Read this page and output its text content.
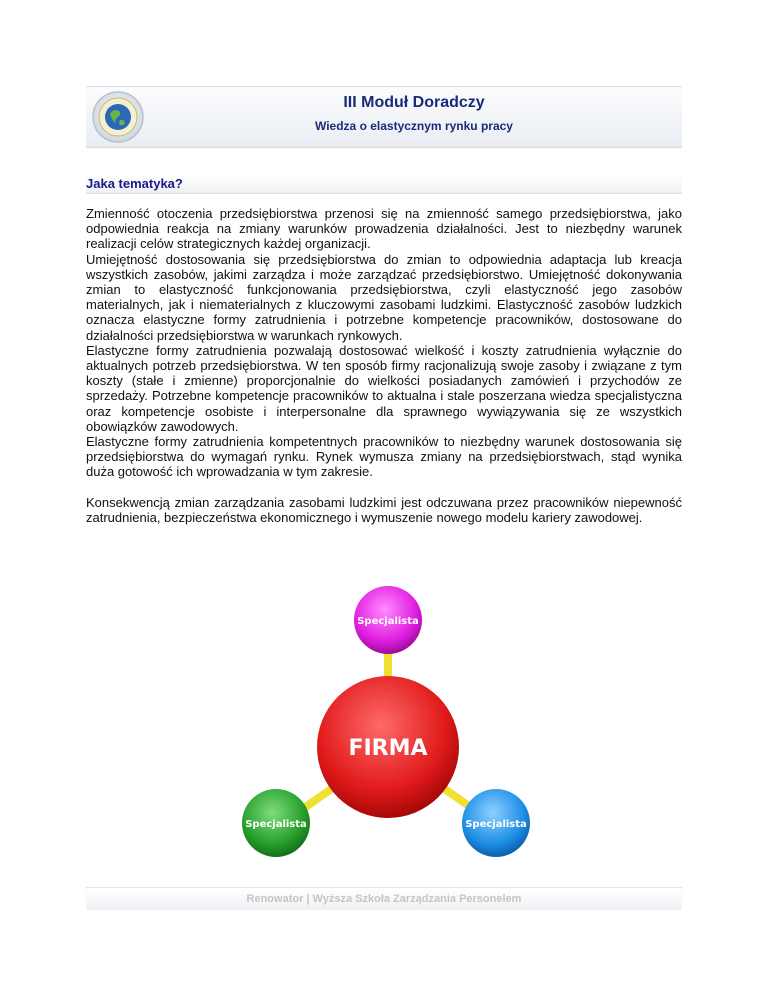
III Moduł Doradczy
Wiedza o elastycznym rynku pracy
Jaka tematyka?

Zmienność otoczenia przedsiębiorstwa przenosi się na zmienność samego przedsiębiorstwa, jako odpowiednia reakcja na zmiany warunków prowadzenia działalności. Jest to niezbędny warunek realizacji celów strategicznych każdej organizacji.

Umiejętność dostosowania się przedsiębiorstwa do zmian to odpowiednia adaptacja lub kreacja wszystkich zasobów, jakimi zarządza i może zarządzać przedsiębiorstwo. Umiejętność dokonywania zmian to elastyczność funkcjonowania przedsiębiorstwa, czyli elastyczność jego zasobów materialnych, jak i niematerialnych z kluczowymi zasobami ludzkimi. Elastyczność zasobów ludzkich oznacza elastyczne formy zatrudnienia i potrzebne kompetencje pracowników, dostosowane do działalności przedsiębiorstwa w warunkach rynkowych.

Elastyczne formy zatrudnienia pozwalają dostosować wielkość i koszty zatrudnienia wyłącznie do aktualnych potrzeb przedsiębiorstwa. W ten sposób firmy racjonalizują swoje zasoby i związane z tym koszty (stałe i zmienne) proporcjonalnie do wielkości posiadanych zamówień i przychodów ze sprzedaży. Potrzebne kompetencje pracowników to aktualna i stale poszerzana wiedza specjalistyczna oraz kompetencje osobiste i interpersonalne dla sprawnego wywiązywania się ze wszystkich obowiązków zawodowych.

Elastyczne formy zatrudnienia kompetentnych pracowników to niezbędny warunek dostosowania się przedsiębiorstwa do wymagań rynku. Rynek wymusza zmiany na przedsiębiorstwach, stąd wynika duża gotowość ich wprowadzania w tym zakresie.

Konsekwencją zmian zarządzania zasobami ludzkimi jest odczuwana przez pracowników niepewność zatrudnienia, bezpieczeństwa ekonomicznego i wymuszenie nowego modelu kariery zawodowej.

FIRMA
Specjalista
Specjalista	Specjalista
Renowator | Wyższa Szkoła Zarządzania Personelem
